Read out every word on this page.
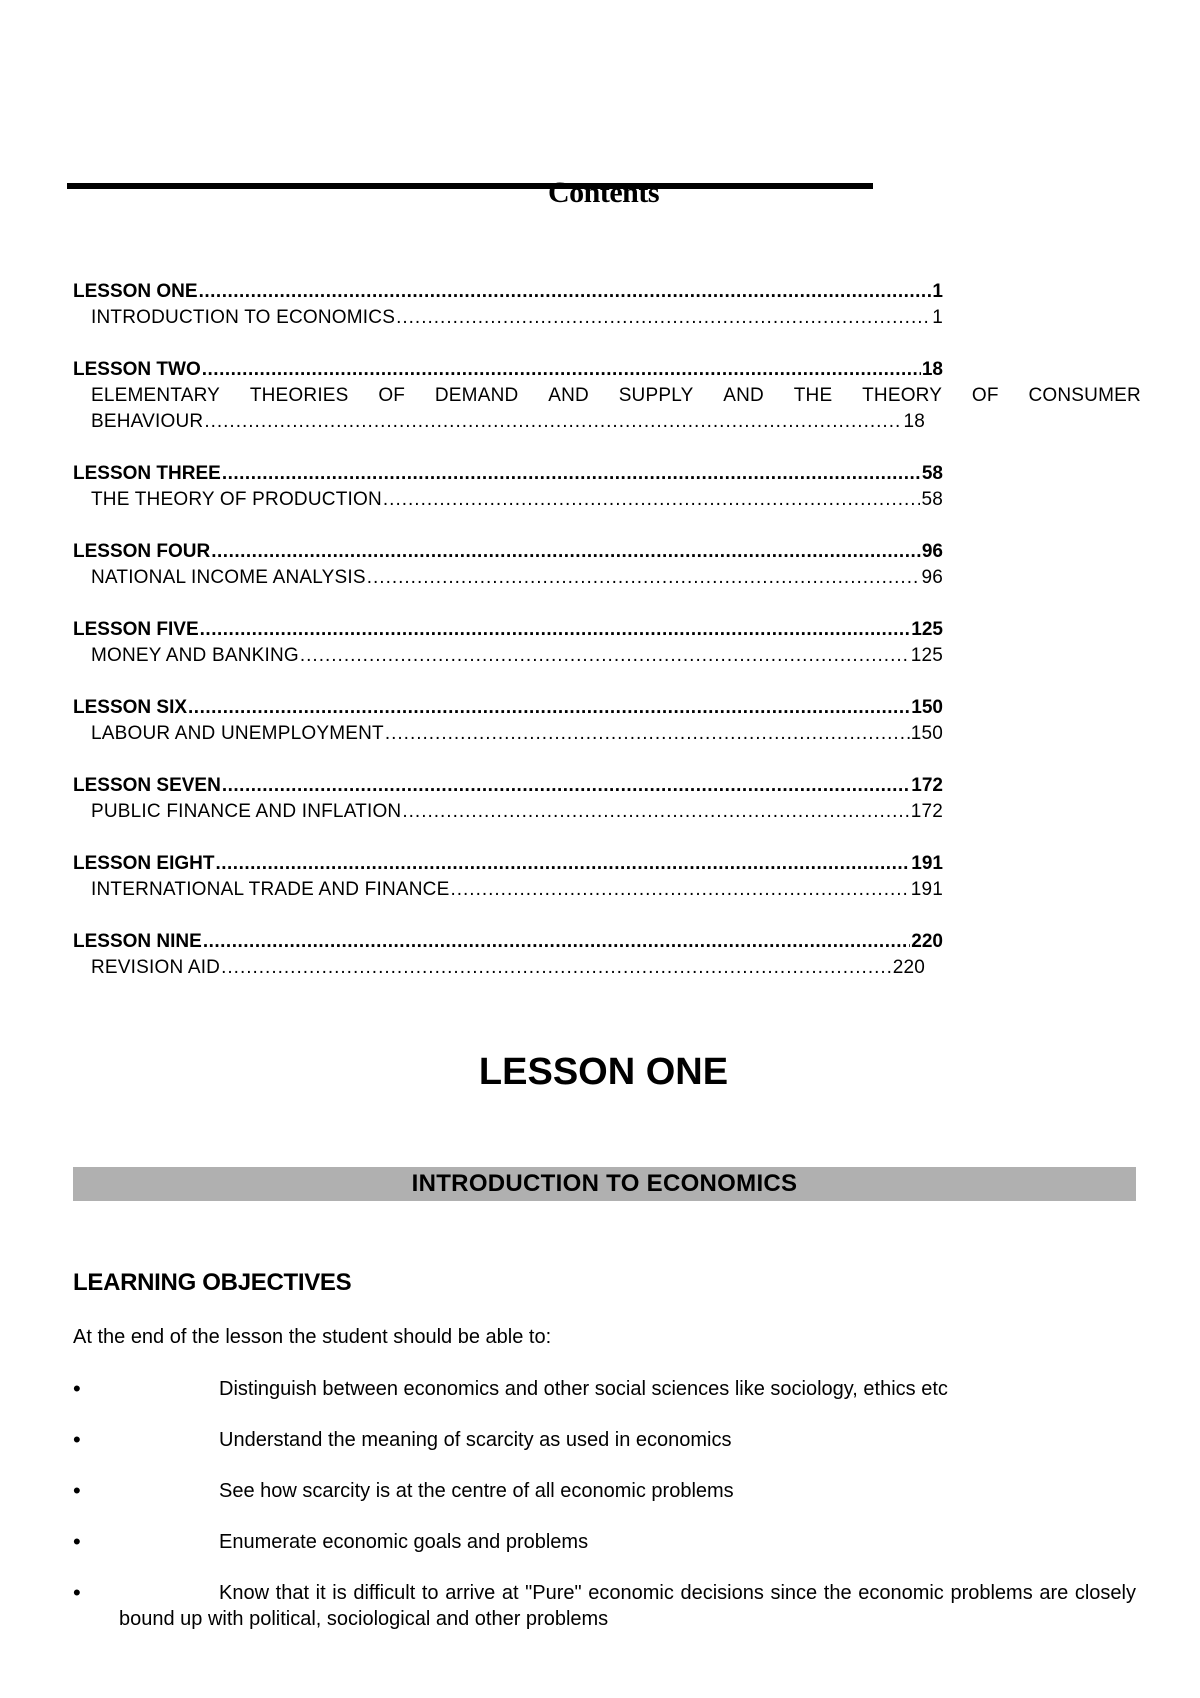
Contents
LESSON ONE .....	1
INTRODUCTION TO ECONOMICS .....	1
LESSON TWO .....	18
ELEMENTARY THEORIES OF DEMAND AND SUPPLY AND THE THEORY OF CONSUMER
BEHAVIOUR .....	18
LESSON THREE .....	58
THE THEORY OF PRODUCTION .....	58
LESSON FOUR .....	96
NATIONAL INCOME ANALYSIS .....	96
LESSON FIVE .....	125
MONEY AND BANKING .....	125
LESSON SIX .....	150
LABOUR AND UNEMPLOYMENT .....	150
LESSON SEVEN .....	172
PUBLIC FINANCE AND INFLATION .....	172
LESSON EIGHT .....	191
INTERNATIONAL TRADE AND FINANCE .....	191
LESSON NINE .....	220
REVISION AID .....	220
LESSON ONE
INTRODUCTION TO ECONOMICS
LEARNING OBJECTIVES
At the end of the lesson the student should be able to:
•	Distinguish between economics and other social sciences like sociology, ethics etc
•	Understand the meaning of scarcity as used in economics
•	See how scarcity is at the centre of all economic problems
•	Enumerate economic goals and problems
•	Know that it is difficult to arrive at "Pure" economic decisions since the economic problems are closely bound up with political, sociological and other problems
